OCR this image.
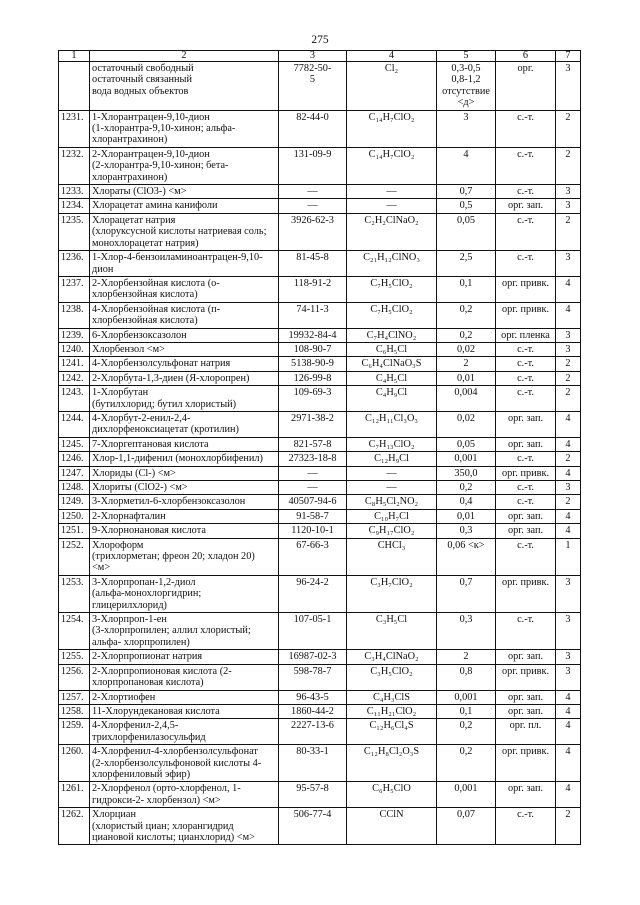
275
1	2	3	4	5	6	7
	остаточный свободный
остаточный связанный
вода водных объектов	7782-50-
5	Cl₂	0,3-0,5
0,8-1,2
отсутствие
<д>	орг.	3
1231.	1-Хлорантрацен-9,10-дион
(1-хлорантра-9,10-хинон; альфа-
хлорантрахинон)	82-44-0	C₁₄H₇ClO₂	3	с.-т.	2
1232.	2-Хлорантрацен-9,10-дион
(2-хлорантра-9,10-хинон; бета-
хлорантрахинон)	131-09-9	C₁₄H₇ClO₂	4	с.-т.	2
1233.	Хлораты (ClO3-) <м>	—	—	0,7	с.-т.	3
1234.	Хлорацетат амина канифоли	—	—	0,5	орг. зап.	3
1235.	Хлорацетат натрия
(хлоруксусной кислоты натриевая соль;
монохлорацетат натрия)	3926-62-3	C₂H₂ClNaO₂	0,05	с.-т.	2
1236.	1-Хлор-4-бензоиламиноантрацен-9,10-
дион	81-45-8	C₂₁H₁₂ClNO₃	2,5	с.-т.	3
1237.	2-Хлорбензойная кислота (о-
хлорбензойная кислота)	118-91-2	C₇H₅ClO₂	0,1	орг. привк.	4
1238.	4-Хлорбензойная кислота (п-
хлорбензойная кислота)	74-11-3	C₇H₅ClO₂	0,2	орг. привк.	4
1239.	6-Хлорбензоксазолон	19932-84-4	C₇H₄ClNO₂	0,2	орг. пленка	3
1240.	Хлорбензол <м>	108-90-7	C₆H₅Cl	0,02	с.-т.	3
1241.	4-Хлорбензолсульфонат натрия	5138-90-9	C₆H₄ClNaO₃S	2	с.-т.	2
1242.	2-Хлорбута-1,3-диен (Я-хлоропрен)	126-99-8	C₄H₅Cl	0,01	с.-т.	2
1243.	1-Хлорбутан
(бутилхлорид; бутил хлористый)	109-69-3	C₄H₉Cl	0,004	с.-т.	2
1244.	4-Хлорбут-2-енил-2,4-
дихлорфеноксиацетат (кротилин)	2971-38-2	C₁₂H₁₁Cl₃O₃	0,02	орг. зап.	4
1245.	7-Хлоргептановая кислота	821-57-8	C₇H₁₃ClO₂	0,05	орг. зап.	4
1246.	Хлор-1,1-дифенил (монохлорбифенил)	27323-18-8	C₁₂H₉Cl	0,001	с.-т.	2
1247.	Хлориды (Cl-) <м>	—	—	350,0	орг. привк.	4
1248.	Хлориты (ClO2-) <м>	—	—	0,2	с.-т.	3
1249.	3-Хлорметил-6-хлорбензоксазолон	40507-94-6	C₈H₅Cl₂NO₂	0,4	с.-т.	2
1250.	2-Хлорнафталин	91-58-7	C₁₀H₇Cl	0,01	орг. зап.	4
1251.	9-Хлорнонановая кислота	1120-10-1	C₉H₁₇ClO₂	0,3	орг. зап.	4
1252.	Хлороформ
(трихлорметан; фреон 20; хладон 20)
<м>	67-66-3	CHCl₃	0,06 <к>	с.-т.	1
1253.	3-Хлорпропан-1,2-диол
(альфа-монохлоргидрин;
глицерилхлорид)	96-24-2	C₃H₇ClO₂	0,7	орг. привк.	3
1254.	3-Хлорпроп-1-ен
(3-хлорпропилен; аллил хлористый;
альфа- хлорпропилен)	107-05-1	C₃H₅Cl	0,3	с.-т.	3
1255.	2-Хлорпропионат натрия	16987-02-3	C₃H₄ClNaO₂	2	орг. зап.	3
1256.	2-Хлорпропионовая кислота (2-
хлорпропановая кислота)	598-78-7	C₃H₅ClO₂	0,8	орг. привк.	3
1257.	2-Хлортиофен	96-43-5	C₄H₃ClS	0,001	орг. зап.	4
1258.	11-Хлорундекановая кислота	1860-44-2	C₁₁H₂₁ClO₂	0,1	орг. зап.	4
1259.	4-Хлорфенил-2,4,5-
трихлорфенилазосульфид	2227-13-6	C₁₂H₆Cl₄S	0,2	орг. пл.	4
1260.	4-Хлорфенил-4-хлорбензолсульфонат
(2-хлорбензолсульфоновой кислоты 4-
хлорфениловый эфир)	80-33-1	C₁₂H₈Cl₂O₃S	0,2	орг. привк.	4
1261.	2-Хлорфенол (орто-хлорфенол, 1-
гидрокси-2- хлорбензол) <м>	95-57-8	C₆H₅ClO	0,001	орг. зап.	4
1262.	Хлорциан
(хлористый циан; хлорангидрид
циановой кислоты; цианхлорид) <м>	506-77-4	CClN	0,07	с.-т.	2
